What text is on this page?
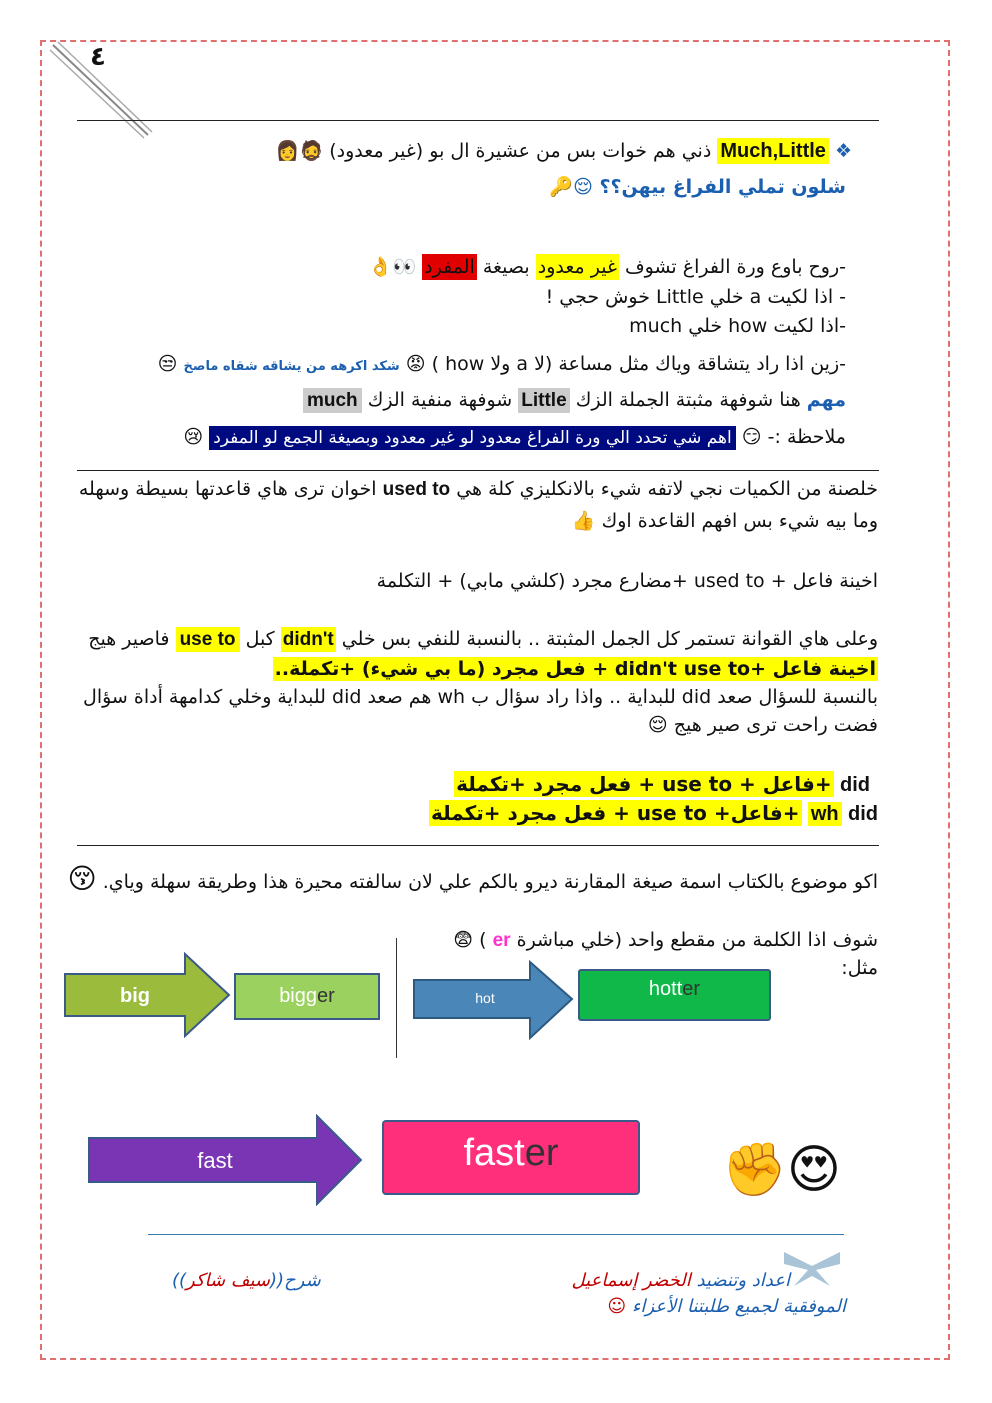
٤
❖ Much,Little ذني هم خوات بس من عشيرة ال بو (غير معدود) 🧔👩
شلون تملي الفراغ بيهن؟؟ 😌🔑
-روح باوع ورة الفراغ تشوف غير معدود بصيغة المفرد 👀👌
- اذا لكيت a خلي Little خوش حجي !
-اذا لكيت how خلي much
-زين اذا راد يتشاقة وياك مثل مساعة (لا a ولا how ) 😡 شكد اكرهه من يشاقه شقاه ماصخ 😒
مهم هنا شوفهة مثبتة الجملة الزك Little شوفهة منفية الزك much
ملاحظة :- 😏 اهم شي تحدد الي ورة الفراغ معدود لو غير معدود وبصيغة الجمع لو المفرد 😢
خلصنة من الكميات نجي لاتفه شيء بالانكليزي كلة هي used to اخوان ترى هاي قاعدتها بسيطة وسهله
وما بيه شيء بس افهم القاعدة اوك 👍
اخينة فاعل + used to +مضارع مجرد (كلشي مابي) + التكلمة
وعلى هاي القوانة تستمر كل الجمل المثبتة .. بالنسبة للنفي بس خلي didn't كبل use to فاصير هيج
اخينة فاعل +didn't use to + فعل مجرد (ما بي شيء) +تكملة..
بالنسبة للسؤال صعد did للبداية .. واذا راد سؤال ب wh هم صعد did للبداية وخلي كدامهة أداة سؤال
فضت راحت ترى صير هيج 😌
did +فاعل + use to + فعل مجرد +تكملة
wh did +فاعل+ use to + فعل مجرد +تكملة
اكو موضوع بالكتاب اسمة صيغة المقارنة ديرو بالكم علي لان سالفته محيرة هذا وطريقة سهلة وياي. 😚
شوف اذا الكلمة من مقطع واحد (خلي مباشرة er ) 😨
مثل:
big	bigger	hot	hotter
fast	faster	✊😍
اعداد وتنضيد الخضر إسماعيل
الموفقية لجميع طلبتنا الأعزاء ☺
شرح((سيف شاكر))
